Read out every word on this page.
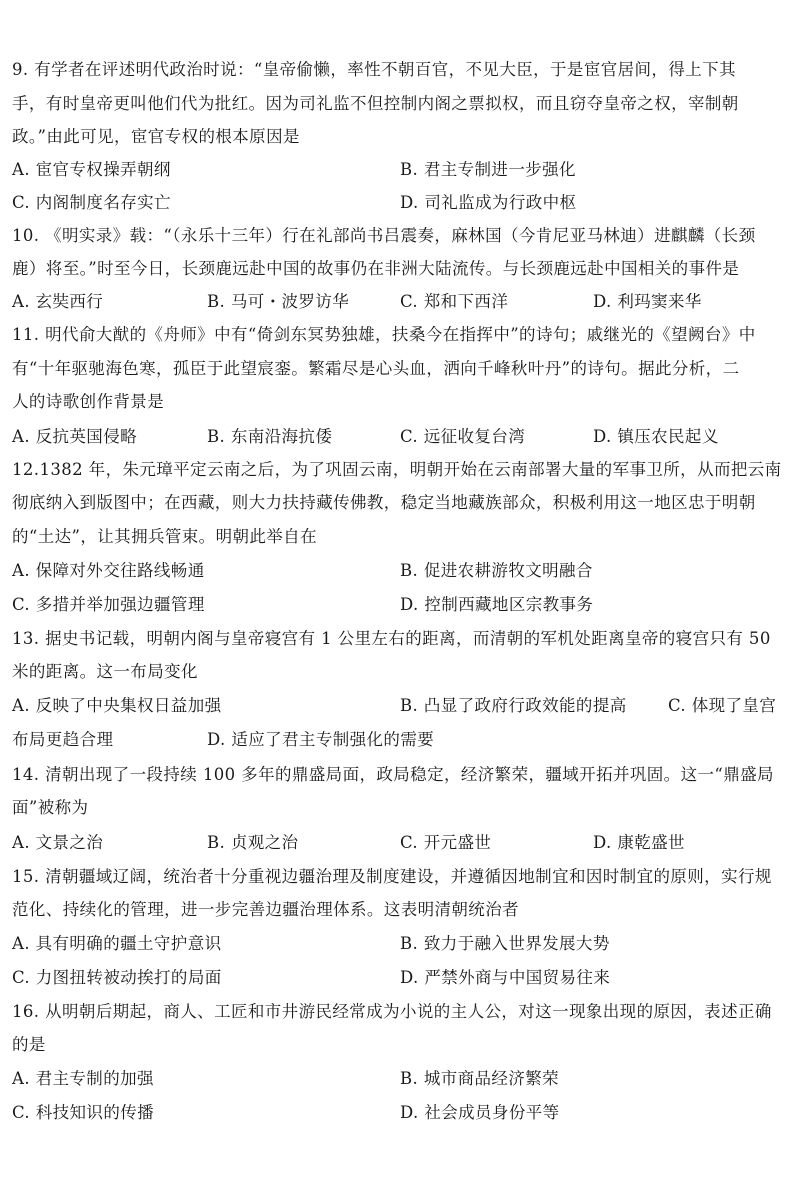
9. 有学者在评述明代政治时说：“皇帝偷懒，率性不朝百官，不见大臣，于是宦官居间，得上下其
手，有时皇帝更叫他们代为批红。因为司礼监不但控制内阁之票拟权，而且窃夺皇帝之权，宰制朝
政。”由此可见，宦官专权的根本原因是
A. 宦官专权操弄朝纲	B. 君主专制进一步强化
C. 内阁制度名存实亡	D. 司礼监成为行政中枢
10. 《明实录》载：“（永乐十三年）行在礼部尚书吕震奏，麻林国（今肯尼亚马林迪）进麒麟（长颈
鹿）将至。”时至今日，长颈鹿远赴中国的故事仍在非洲大陆流传。与长颈鹿远赴中国相关的事件是
A. 玄奘西行	B. 马可・波罗访华	C. 郑和下西洋	D. 利玛窦来华
11. 明代俞大猷的《舟师》中有“倚剑东冥势独雄，扶桑今在指挥中”的诗句；戚继光的《望阙台》中
有“十年驱驰海色寒，孤臣于此望宸銮。繁霜尽是心头血，洒向千峰秋叶丹”的诗句。据此分析，二
人的诗歌创作背景是
A. 反抗英国侵略	B. 东南沿海抗倭	C. 远征收复台湾	D. 镇压农民起义
12.1382 年，朱元璋平定云南之后，为了巩固云南，明朝开始在云南部署大量的军事卫所，从而把云南
彻底纳入到版图中；在西藏，则大力扶持藏传佛教，稳定当地藏族部众，积极利用这一地区忠于明朝
的“土达”，让其拥兵管束。明朝此举自在
A. 保障对外交往路线畅通	B. 促进农耕游牧文明融合
C. 多措并举加强边疆管理	D. 控制西藏地区宗教事务
13. 据史书记载，明朝内阁与皇帝寝宫有 1 公里左右的距离，而清朝的军机处距离皇帝的寝宫只有 50
米的距离。这一布局变化
A. 反映了中央集权日益加强	B. 凸显了政府行政效能的提高	C. 体现了皇宫
布局更趋合理	D. 适应了君主专制强化的需要
14. 清朝出现了一段持续 100 多年的鼎盛局面，政局稳定，经济繁荣，疆域开拓并巩固。这一“鼎盛局
面”被称为
A. 文景之治	B. 贞观之治	C. 开元盛世	D. 康乾盛世
15. 清朝疆域辽阔，统治者十分重视边疆治理及制度建设，并遵循因地制宜和因时制宜的原则，实行规
范化、持续化的管理，进一步完善边疆治理体系。这表明清朝统治者
A. 具有明确的疆土守护意识	B. 致力于融入世界发展大势
C. 力图扭转被动挨打的局面	D. 严禁外商与中国贸易往来
16. 从明朝后期起，商人、工匠和市井游民经常成为小说的主人公，对这一现象出现的原因，表述正确
的是
A. 君主专制的加强	B. 城市商品经济繁荣
C. 科技知识的传播	D. 社会成员身份平等
